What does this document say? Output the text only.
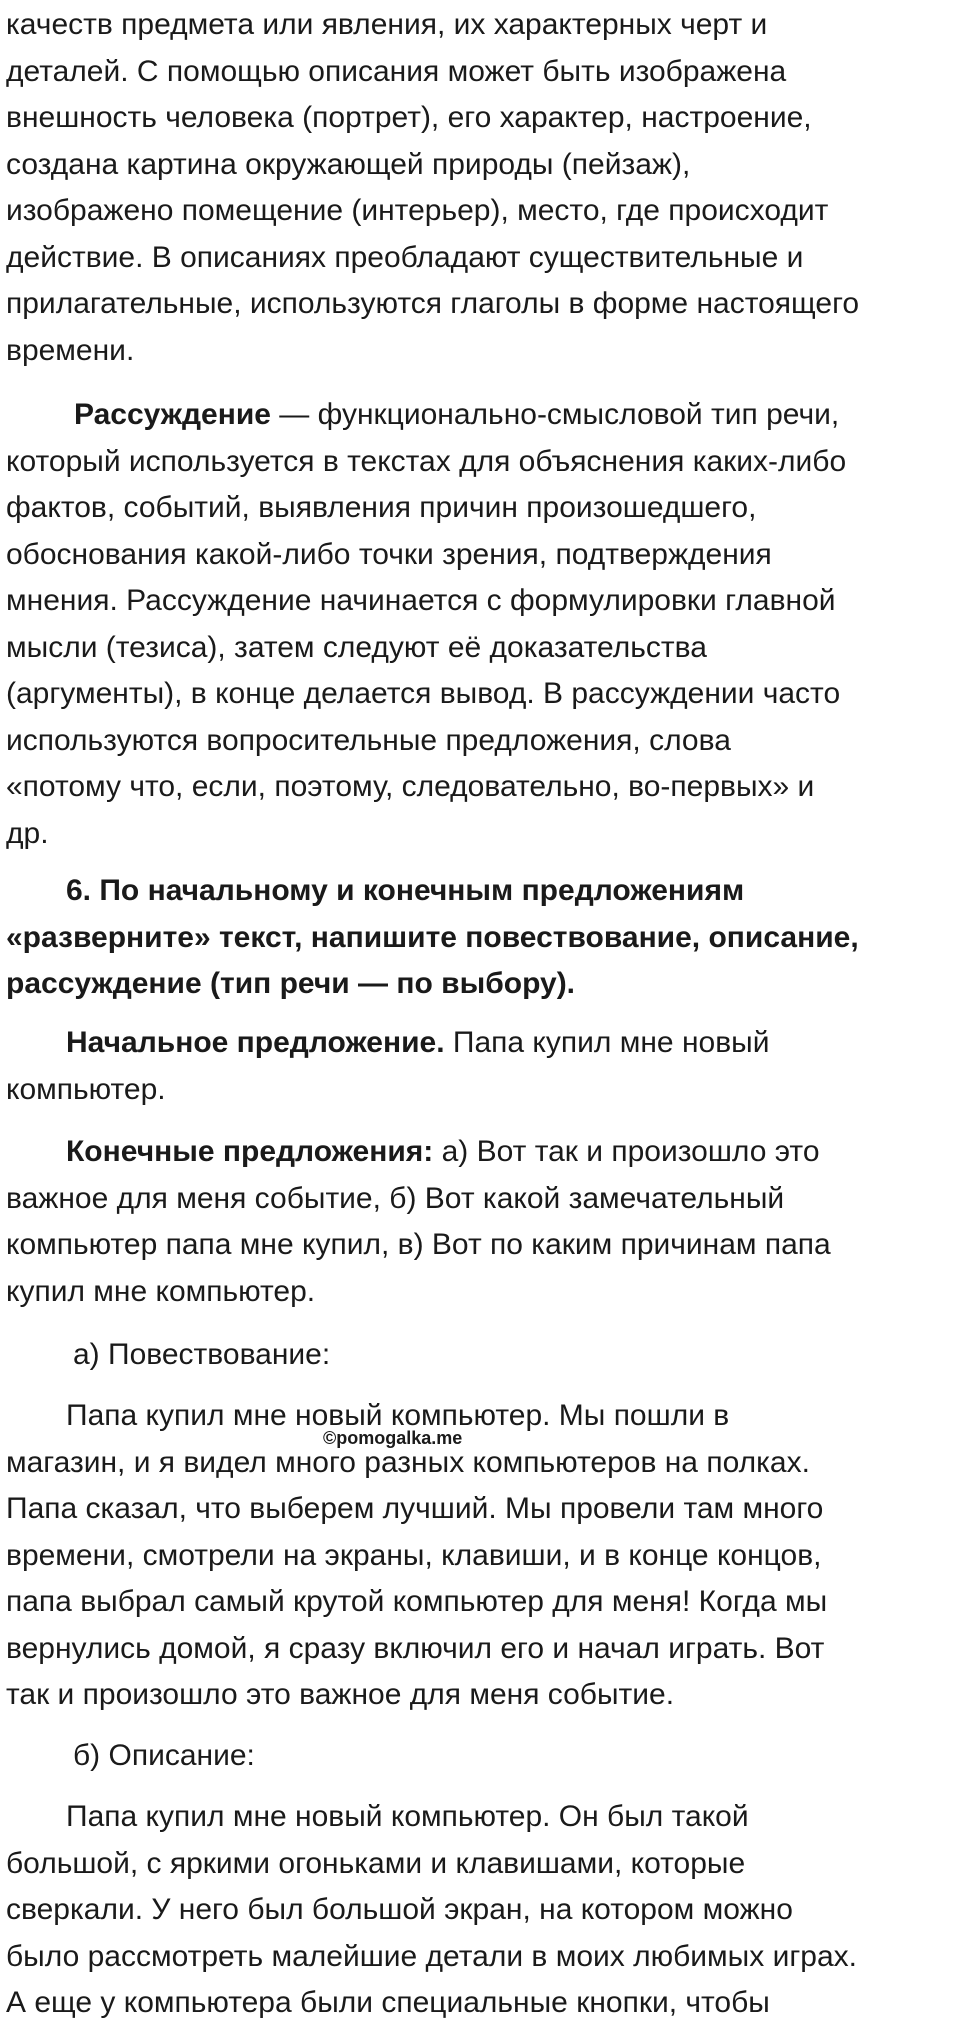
качеств предмета или явления, их характерных черт и
деталей. С помощью описания может быть изображена
внешность человека (портрет), его характер, настроение,
создана картина окружающей природы (пейзаж),
изображено помещение (интерьер), место, где происходит
действие. В описаниях преобладают существительные и
прилагательные, используются глаголы в форме настоящего
времени.
Рассуждение — функционально-смысловой тип речи,
который используется в текстах для объяснения каких-либо
фактов, событий, выявления причин произошедшего,
обоснования какой-либо точки зрения, подтверждения
мнения. Рассуждение начинается с формулировки главной
мысли (тезиса), затем следуют её доказательства
(аргументы), в конце делается вывод. В рассуждении часто
используются вопросительные предложения, слова
«потому что, если, поэтому, следовательно, во-первых» и
др.
6. По начальному и конечным предложениям
«разверните» текст, напишите повествование, описание,
рассуждение (тип речи — по выбору).
Начальное предложение. Папа купил мне новый
компьютер.
Конечные предложения: а) Вот так и произошло это
важное для меня событие, б) Вот какой замечательный
компьютер папа мне купил, в) Вот по каким причинам папа
купил мне компьютер.
а) Повествование:
Папа купил мне новый компьютер. Мы пошли в
магазин, и я видел много разных компьютеров на полках.
Папа сказал, что выберем лучший. Мы провели там много
времени, смотрели на экраны, клавиши, и в конце концов,
папа выбрал самый крутой компьютер для меня! Когда мы
вернулись домой, я сразу включил его и начал играть. Вот
так и произошло это важное для меня событие.
©pomogalka.me
б) Описание:
Папа купил мне новый компьютер. Он был такой
большой, с яркими огоньками и клавишами, которые
сверкали. У него был большой экран, на котором можно
было рассмотреть малейшие детали в моих любимых играх.
А еще у компьютера были специальные кнопки, чтобы
